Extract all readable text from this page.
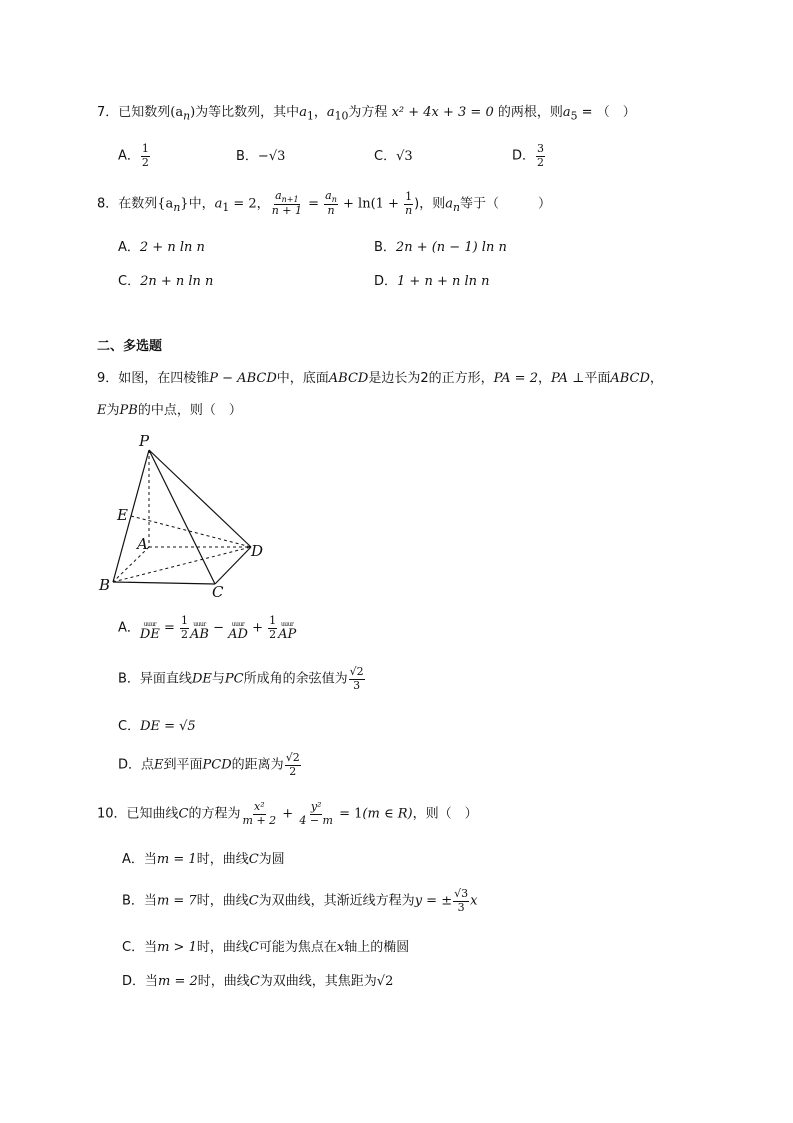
7．已知数列$(a_n)$为等比数列，其中$a_1$，$a_{10}$为方程 x² + 4x + 3 = 0 的两根，则$a_5$ = （　）
A． $\frac{1}{2}$	B．−√3	C．√3	D． $\frac{3}{2}$
8．在数列$\{a_n\}$中，$a_1 = 2$， $\frac{a_{n+1}}{n + 1} = \frac{a_n}{n} + \ln(1 + \frac{1}{n}$ )，则$a_n$等于（　　　）
A．2 + n ln n	B．2n + (n − 1) ln n
C．2n + n ln n	D．1 + n + n ln n
二、多选题
9．如图，在四棱锥P − ABCD中，底面ABCD是边长为2的正方形，PA = 2，PA ⊥平面ABCD，
E为PB的中点，则（　）
P
E
A	D
B	C
A． uuur
DE = $\frac{1}{2}$ uuur
AB − uuur
AD + $\frac{1}{2}$ uuur
AP
B．异面直线DE与PC所成角的余弦值为 $\frac{√2}{3}$
C．DE = √5
D．点E到平面PCD的距离为 $\frac{√2}{2}$
10．已知曲线C的方程为 $\frac{\text{x²}}{m + 2} + \frac{\text{y²}}{4 - m} = 1(m$ ∈ R)，则（　）
A．当m = 1时，曲线C为圆
B．当m = 7时，曲线C为双曲线，其渐近线方程为y = ± $\frac{√3}{3}$ x
C．当m > 1时，曲线C可能为焦点在x轴上的椭圆
D．当m = 2时，曲线C为双曲线，其焦距为√2
